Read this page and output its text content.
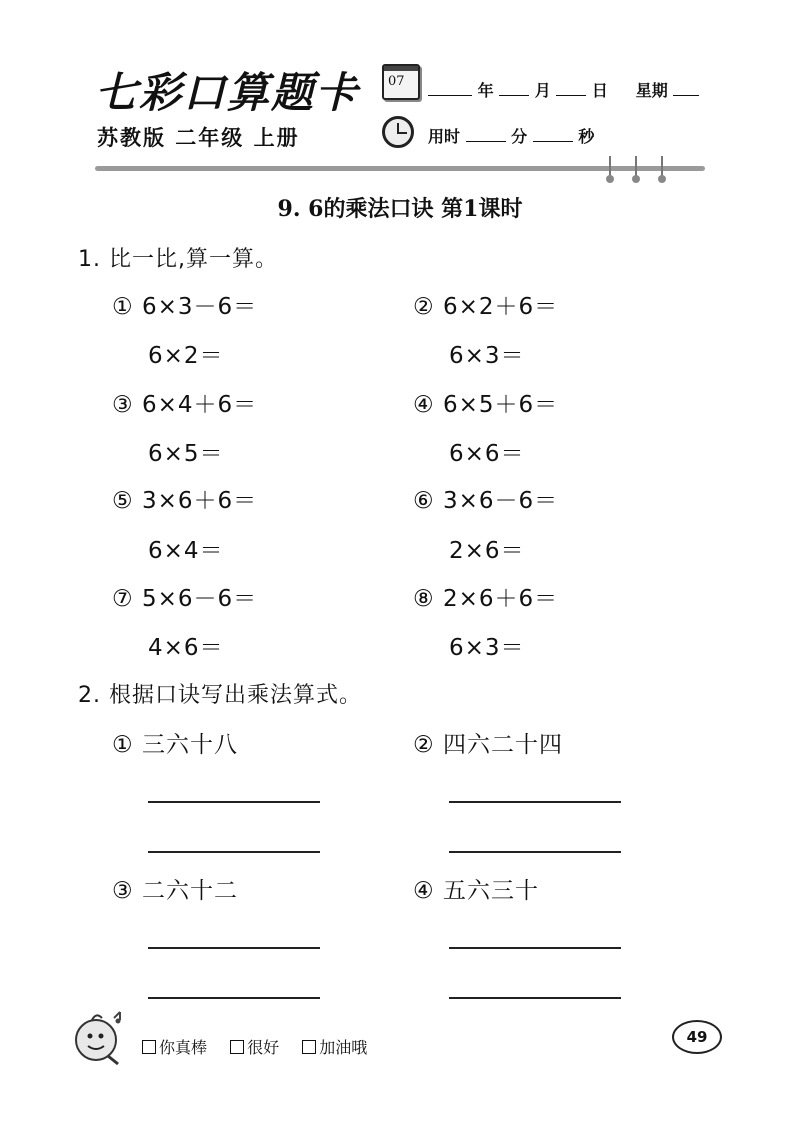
七彩口算题卡
苏教版 二年级 上册
07	年	月	日 星期
用时	分	秒
9. 6的乘法口诀 第1课时
1. 比一比,算一算。
① 6×3－6＝
6×2＝
② 6×2＋6＝
6×3＝
③ 6×4＋6＝
6×5＝
④ 6×5＋6＝
6×6＝
⑤ 3×6＋6＝
6×4＝
⑥ 3×6－6＝
2×6＝
⑦ 5×6－6＝
4×6＝
⑧ 2×6＋6＝
6×3＝
2. 根据口诀写出乘法算式。
① 三六十八	② 四六二十四
③ 二六十二	④ 五六三十
你真棒	很好	加油哦
49
